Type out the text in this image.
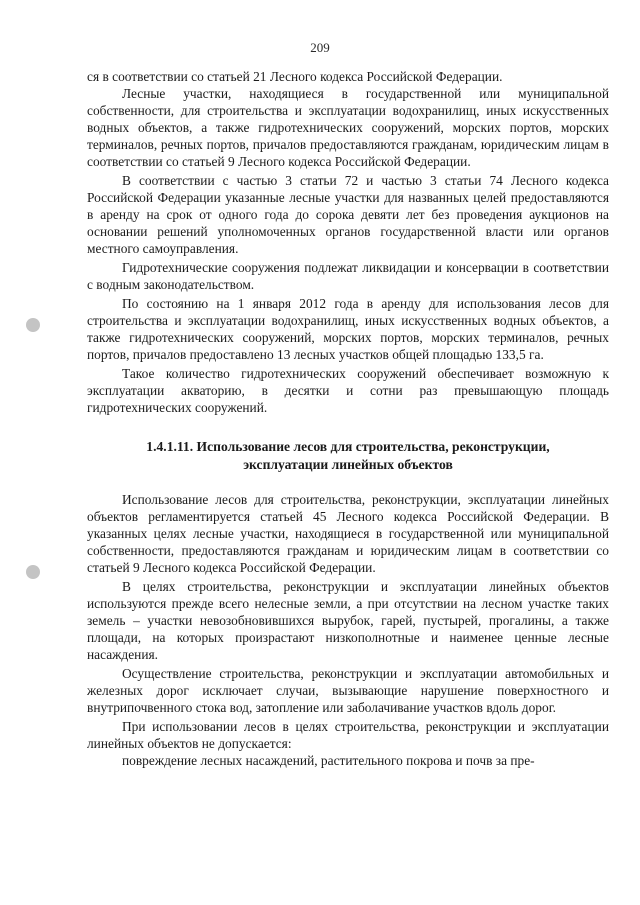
209

ся в соответствии со статьей 21 Лесного кодекса Российской Федерации.

Лесные участки, находящиеся в государственной или муниципальной собственности, для строительства и эксплуатации водохранилищ, иных искусственных водных объектов, а также гидротехнических сооружений, морских портов, морских терминалов, речных портов, причалов предоставляются гражданам, юридическим лицам в соответствии со статьей 9 Лесного кодекса Российской Федерации.

В соответствии с частью 3 статьи 72 и частью 3 статьи 74 Лесного кодекса Российской Федерации указанные лесные участки для названных целей предоставляются в аренду на срок от одного года до сорока девяти лет без проведения аукционов на основании решений уполномоченных органов государственной власти или органов местного самоуправления.

Гидротехнические сооружения подлежат ликвидации и консервации в соответствии с водным законодательством.

По состоянию на 1 января 2012 года в аренду для использования лесов для строительства и эксплуатации водохранилищ, иных искусственных водных объектов, а также гидротехнических сооружений, морских портов, морских терминалов, речных портов, причалов предоставлено 13 лесных участков общей площадью 133,5 га.

Такое количество гидротехнических сооружений обеспечивает возможную к эксплуатации акваторию, в десятки и сотни раз превышающую площадь гидротехнических сооружений.

1.4.1.11. Использование лесов для строительства, реконструкции,
эксплуатации линейных объектов

Использование лесов для строительства, реконструкции, эксплуатации линейных объектов регламентируется статьей 45 Лесного кодекса Российской Федерации. В указанных целях лесные участки, находящиеся в государственной или муниципальной собственности, предоставляются гражданам и юридическим лицам в соответствии со статьей 9 Лесного кодекса Российской Федерации.

В целях строительства, реконструкции и эксплуатации линейных объектов используются прежде всего нелесные земли, а при отсутствии на лесном участке таких земель – участки невозобновившихся вырубок, гарей, пустырей, прогалины, а также площади, на которых произрастают низкополнотные и наименее ценные лесные насаждения.

Осуществление строительства, реконструкции и эксплуатации автомобильных и железных дорог исключает случаи, вызывающие нарушение поверхностного и внутрипочвенного стока вод, затопление или заболачивание участков вдоль дорог.

При использовании лесов в целях строительства, реконструкции и эксплуатации линейных объектов не допускается:

повреждение лесных насаждений, растительного покрова и почв за пре-
